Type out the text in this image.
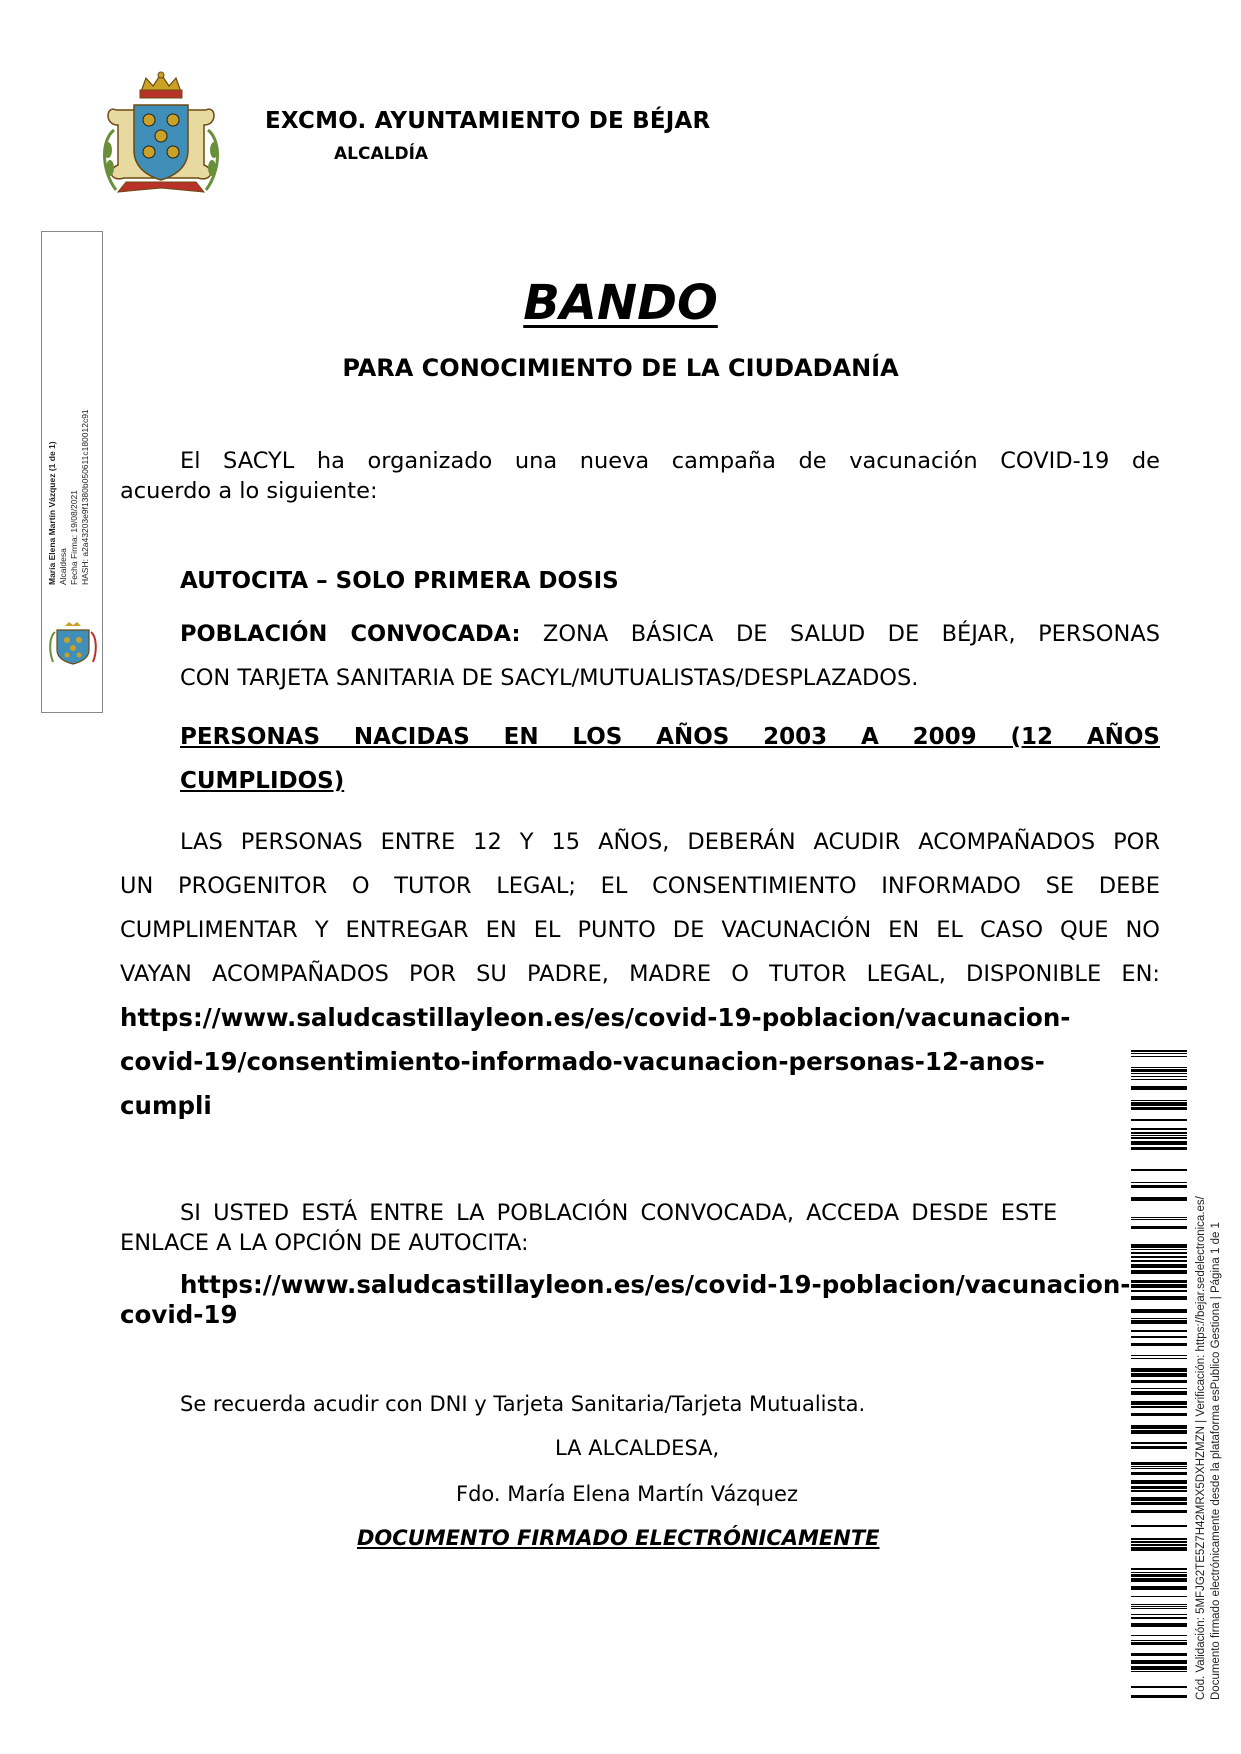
EXCMO. AYUNTAMIENTO DE BÉJAR
ALCALDÍA
María Elena Martín Vázquez (1 de 1) Alcaldesa Fecha Firma: 19/08/2021 HASH: a2a43203e9f1380b050611c180012c91
BANDO
PARA CONOCIMIENTO DE LA CIUDADANÍA
El SACYL ha organizado una nueva campaña de vacunación COVID-19 de
acuerdo a lo siguiente:
AUTOCITA – SOLO PRIMERA DOSIS
POBLACIÓN CONVOCADA: ZONA BÁSICA DE SALUD DE BÉJAR, PERSONAS
CON TARJETA SANITARIA DE SACYL/MUTUALISTAS/DESPLAZADOS.
PERSONAS NACIDAS EN LOS AÑOS 2003 A 2009 (12 AÑOS
CUMPLIDOS)
LAS PERSONAS ENTRE 12 Y 15 AÑOS, DEBERÁN ACUDIR ACOMPAÑADOS POR
UN PROGENITOR O TUTOR LEGAL; EL CONSENTIMIENTO INFORMADO SE DEBE
CUMPLIMENTAR Y ENTREGAR EN EL PUNTO DE VACUNACIÓN EN EL CASO QUE NO
VAYAN ACOMPAÑADOS POR SU PADRE, MADRE O TUTOR LEGAL, DISPONIBLE EN:
https://www.saludcastillayleon.es/es/covid-19-poblacion/vacunacion-
covid-19/consentimiento-informado-vacunacion-personas-12-anos-
cumpli
SI USTED ESTÁ ENTRE LA POBLACIÓN CONVOCADA, ACCEDA DESDE ESTE
ENLACE A LA OPCIÓN DE AUTOCITA:
https://www.saludcastillayleon.es/es/covid-19-poblacion/vacunacion-
covid-19
Se recuerda acudir con DNI y Tarjeta Sanitaria/Tarjeta Mutualista.
LA ALCALDESA,
Fdo. María Elena Martín Vázquez
DOCUMENTO FIRMADO ELECTRÓNICAMENTE	Cód. Validación: 5MFJG2TE5Z7H42MRX5DXHZMZN | Verificación: https://bejar.sedelectronica.es/ Documento firmado electrónicamente desde la plataforma esPublico Gestiona | Página 1 de 1
